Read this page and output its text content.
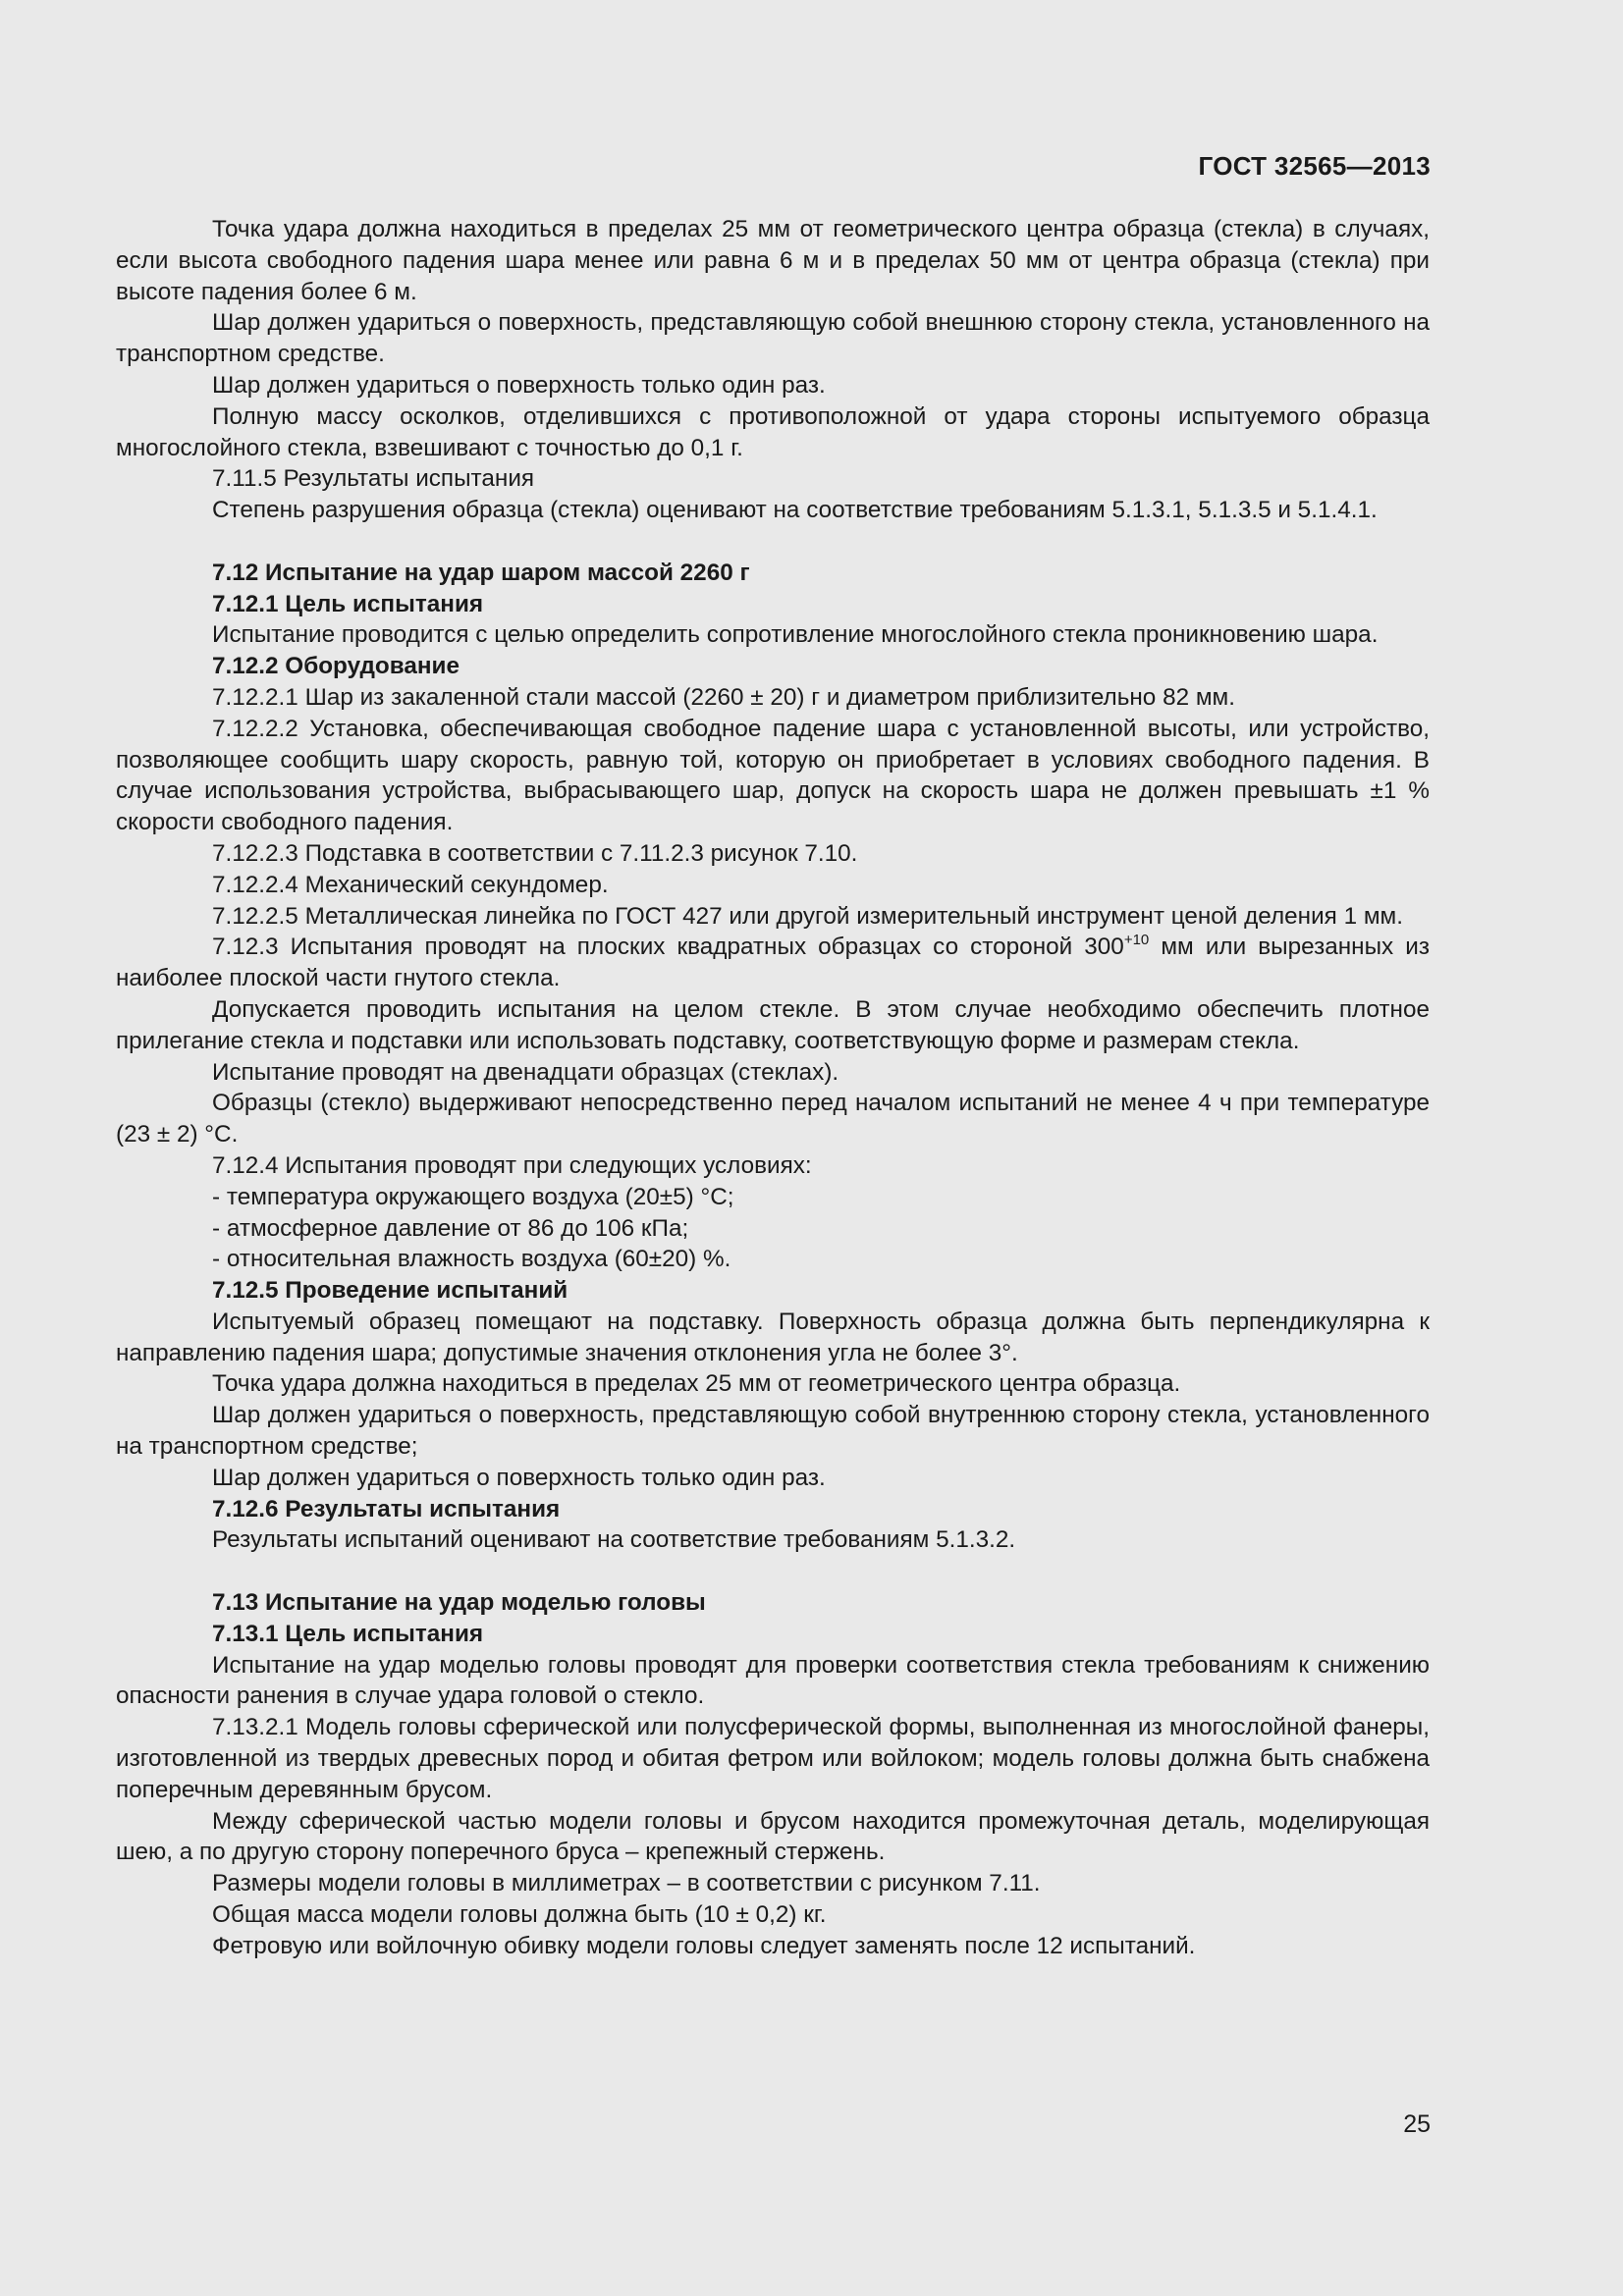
ГОСТ 32565—2013

Точка удара должна находиться в пределах 25 мм от геометрического центра образца (стекла) в случаях, если высота свободного падения шара менее или равна 6 м и в пределах 50 мм от центра образца (стекла) при высоте падения более 6 м.

Шар должен удариться о поверхность, представляющую собой внешнюю сторону стекла, установленного на транспортном средстве.

Шар должен удариться о поверхность только один раз.

Полную массу осколков, отделившихся с противоположной от удара стороны испытуемого образца многослойного стекла, взвешивают с точностью до 0,1 г.

7.11.5 Результаты испытания

Степень разрушения образца (стекла) оценивают на соответствие требованиям 5.1.3.1, 5.1.3.5 и 5.1.4.1.

7.12 Испытание на удар шаром массой 2260 г

7.12.1 Цель испытания

Испытание проводится с целью определить сопротивление многослойного стекла проникновению шара.

7.12.2 Оборудование

7.12.2.1 Шар из закаленной стали массой (2260 ± 20) г и диаметром приблизительно 82 мм.

7.12.2.2 Установка, обеспечивающая свободное падение шара с установленной высоты, или устройство, позволяющее сообщить шару скорость, равную той, которую он приобретает в условиях свободного падения. В случае использования устройства, выбрасывающего шар, допуск на скорость шара не должен превышать ±1 % скорости свободного падения.

7.12.2.3 Подставка в соответствии с 7.11.2.3 рисунок 7.10.

7.12.2.4 Механический секундомер.

7.12.2.5 Металлическая линейка по ГОСТ 427 или другой измерительный инструмент ценой деления 1 мм.

7.12.3 Испытания проводят на плоских квадратных образцах со стороной $300^{+10}$ мм или вырезанных из наиболее плоской части гнутого стекла.

Допускается проводить испытания на целом стекле. В этом случае необходимо обеспечить плотное прилегание стекла и подставки или использовать подставку, соответствующую форме и размерам стекла.

Испытание проводят на двенадцати образцах (стеклах).

Образцы (стекло) выдерживают непосредственно перед началом испытаний не менее 4 ч при температуре (23 ± 2) °С.

7.12.4 Испытания проводят при следующих условиях:

- температура окружающего воздуха (20±5) °С;

- атмосферное давление от 86 до 106 кПа;

- относительная влажность воздуха (60±20) %.

7.12.5 Проведение испытаний

Испытуемый образец помещают на подставку. Поверхность образца должна быть перпендикулярна к направлению падения шара; допустимые значения отклонения угла не более 3°.

Точка удара должна находиться в пределах 25 мм от геометрического центра образца.

Шар должен удариться о поверхность, представляющую собой внутреннюю сторону стекла, установленного на транспортном средстве;

Шар должен удариться о поверхность только один раз.

7.12.6 Результаты испытания

Результаты испытаний оценивают на соответствие требованиям 5.1.3.2.

7.13 Испытание на удар моделью головы

7.13.1 Цель испытания

Испытание на удар моделью головы проводят для проверки соответствия стекла требованиям к снижению опасности ранения в случае удара головой о стекло.

7.13.2.1 Модель головы сферической или полусферической формы, выполненная из многослойной фанеры, изготовленной из твердых древесных пород и обитая фетром или войлоком; модель головы должна быть снабжена поперечным деревянным брусом.

Между сферической частью модели головы и брусом находится промежуточная деталь, моделирующая шею, а по другую сторону поперечного бруса – крепежный стержень.

Размеры модели головы в миллиметрах – в соответствии с рисунком 7.11.

Общая масса модели головы должна быть (10 ± 0,2) кг.

Фетровую или войлочную обивку модели головы следует заменять после 12 испытаний.

25
